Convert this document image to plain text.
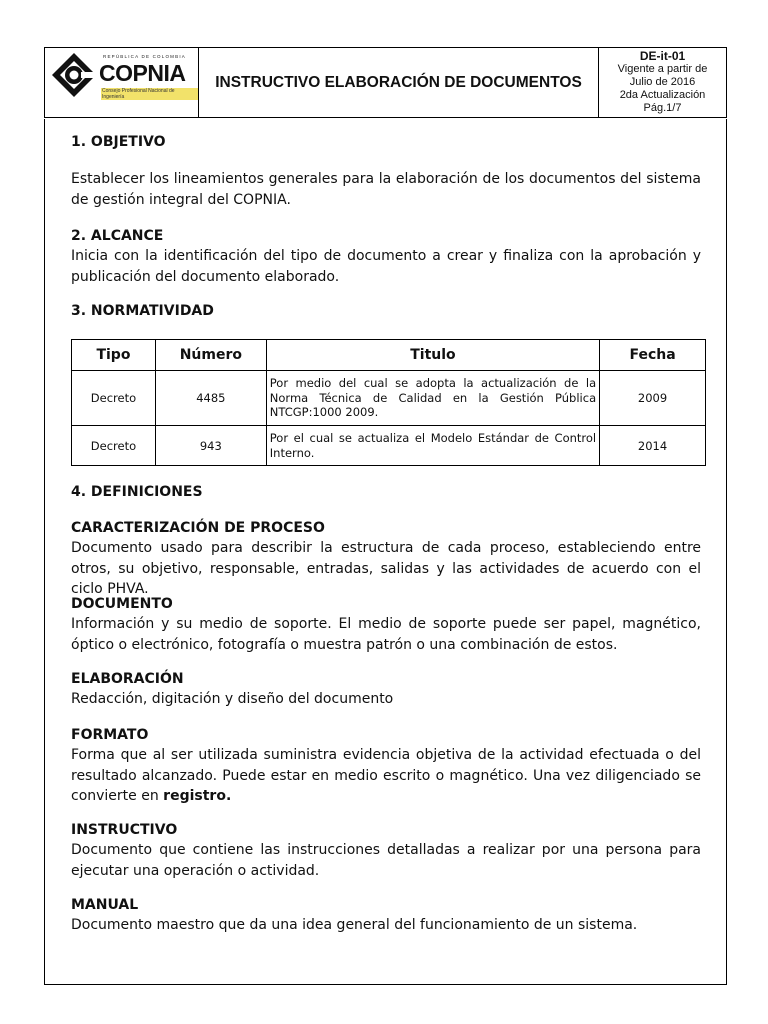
REPÚBLICA DE COLOMBIA
COPNIA
Consejo Profesional Nacional de Ingeniería
INSTRUCTIVO ELABORACIÓN DE DOCUMENTOS
DE-it-01
Vigente a partir de
Julio de 2016
2da Actualización
Pág.1/7

1. OBJETIVO

Establecer los lineamientos generales para la elaboración de los documentos del sistema de gestión integral del COPNIA.

2. ALCANCE

Inicia con la identificación del tipo de documento a crear y finaliza con la aprobación y publicación del documento elaborado.

3. NORMATIVIDAD

Tipo	Número	Titulo	Fecha
Decreto	4485	Por medio del cual se adopta la actualización de la Norma Técnica de Calidad en la Gestión Pública NTCGP:1000 2009.	2009
Decreto	943	Por el cual se actualiza el Modelo Estándar de Control Interno.	2014

4. DEFINICIONES

CARACTERIZACIÓN DE PROCESO

Documento usado para describir la estructura de cada proceso, estableciendo entre otros, su objetivo, responsable, entradas, salidas y las actividades de acuerdo con el ciclo PHVA.

DOCUMENTO

Información y su medio de soporte. El medio de soporte puede ser papel, magnético, óptico o electrónico, fotografía o muestra patrón o una combinación de estos.

ELABORACIÓN

Redacción, digitación y diseño del documento

FORMATO

Forma que al ser utilizada suministra evidencia objetiva de la actividad efectuada o del resultado alcanzado. Puede estar en medio escrito o magnético. Una vez diligenciado se convierte en registro.

INSTRUCTIVO

Documento que contiene las instrucciones detalladas a realizar por una persona para ejecutar una operación o actividad.

MANUAL

Documento maestro que da una idea general del funcionamiento de un sistema.
